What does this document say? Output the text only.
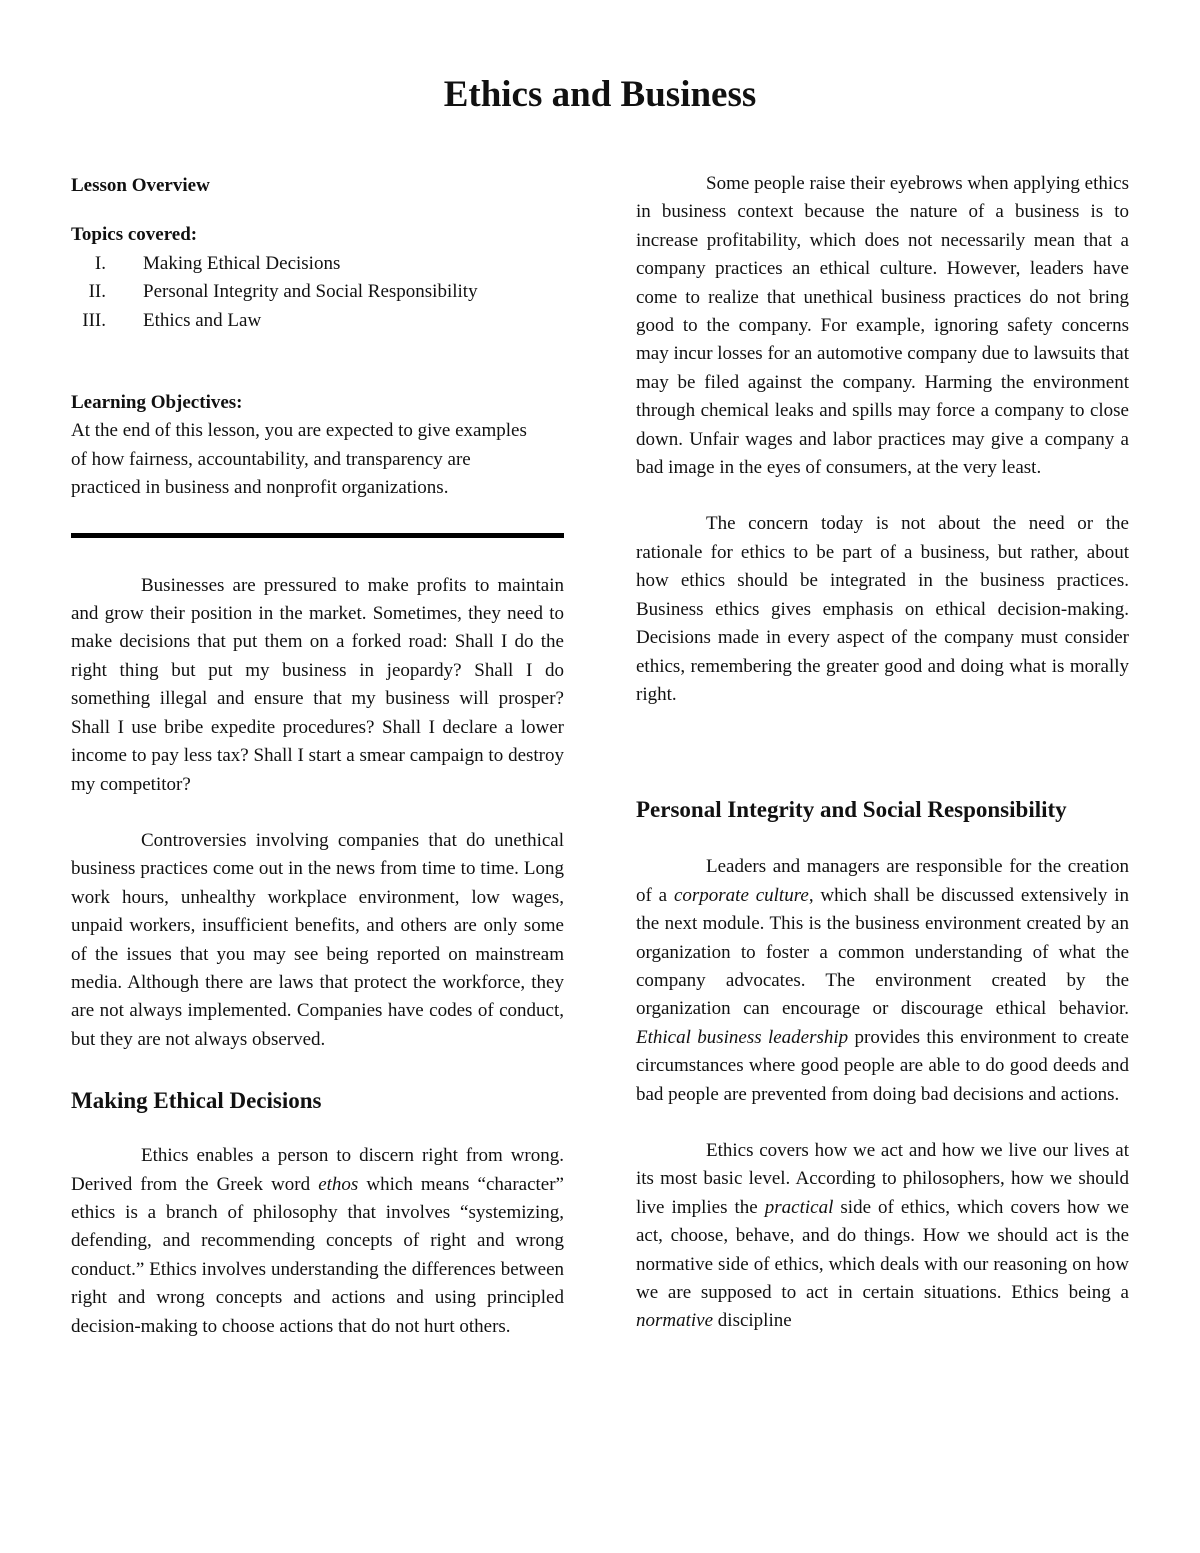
Ethics and Business

Lesson Overview

Topics covered:

I.	Making Ethical Decisions
II.	Personal Integrity and Social Responsibility
III.	Ethics and Law

Learning Objectives:

At the end of this lesson, you are expected to give examples of how fairness, accountability, and transparency are practiced in business and nonprofit organizations.

Businesses are pressured to make profits to maintain and grow their position in the market. Sometimes, they need to make decisions that put them on a forked road: Shall I do the right thing but put my business in jeopardy? Shall I do something illegal and ensure that my business will prosper? Shall I use bribe expedite procedures? Shall I declare a lower income to pay less tax? Shall I start a smear campaign to destroy my competitor?

Controversies involving companies that do unethical business practices come out in the news from time to time. Long work hours, unhealthy workplace environment, low wages, unpaid workers, insufficient benefits, and others are only some of the issues that you may see being reported on mainstream media. Although there are laws that protect the workforce, they are not always implemented. Companies have codes of conduct, but they are not always observed.

Making Ethical Decisions

Ethics enables a person to discern right from wrong. Derived from the Greek word ethos which means “character” ethics is a branch of philosophy that involves “systemizing, defending, and recommending concepts of right and wrong conduct.” Ethics involves understanding the differences between right and wrong concepts and actions and using principled decision-making to choose actions that do not hurt others.

Some people raise their eyebrows when applying ethics in business context because the nature of a business is to increase profitability, which does not necessarily mean that a company practices an ethical culture. However, leaders have come to realize that unethical business practices do not bring good to the company. For example, ignoring safety concerns may incur losses for an automotive company due to lawsuits that may be filed against the company. Harming the environment through chemical leaks and spills may force a company to close down. Unfair wages and labor practices may give a company a bad image in the eyes of consumers, at the very least.

The concern today is not about the need or the rationale for ethics to be part of a business, but rather, about how ethics should be integrated in the business practices. Business ethics gives emphasis on ethical decision-making. Decisions made in every aspect of the company must consider ethics, remembering the greater good and doing what is morally right.

Personal Integrity and Social Responsibility

Leaders and managers are responsible for the creation of a corporate culture, which shall be discussed extensively in the next module. This is the business environment created by an organization to foster a common understanding of what the company advocates. The environment created by the organization can encourage or discourage ethical behavior. Ethical business leadership provides this environment to create circumstances where good people are able to do good deeds and bad people are prevented from doing bad decisions and actions.

Ethics covers how we act and how we live our lives at its most basic level. According to philosophers, how we should live implies the practical side of ethics, which covers how we act, choose, behave, and do things. How we should act is the normative side of ethics, which deals with our reasoning on how we are supposed to act in certain situations. Ethics being a normative discipline
